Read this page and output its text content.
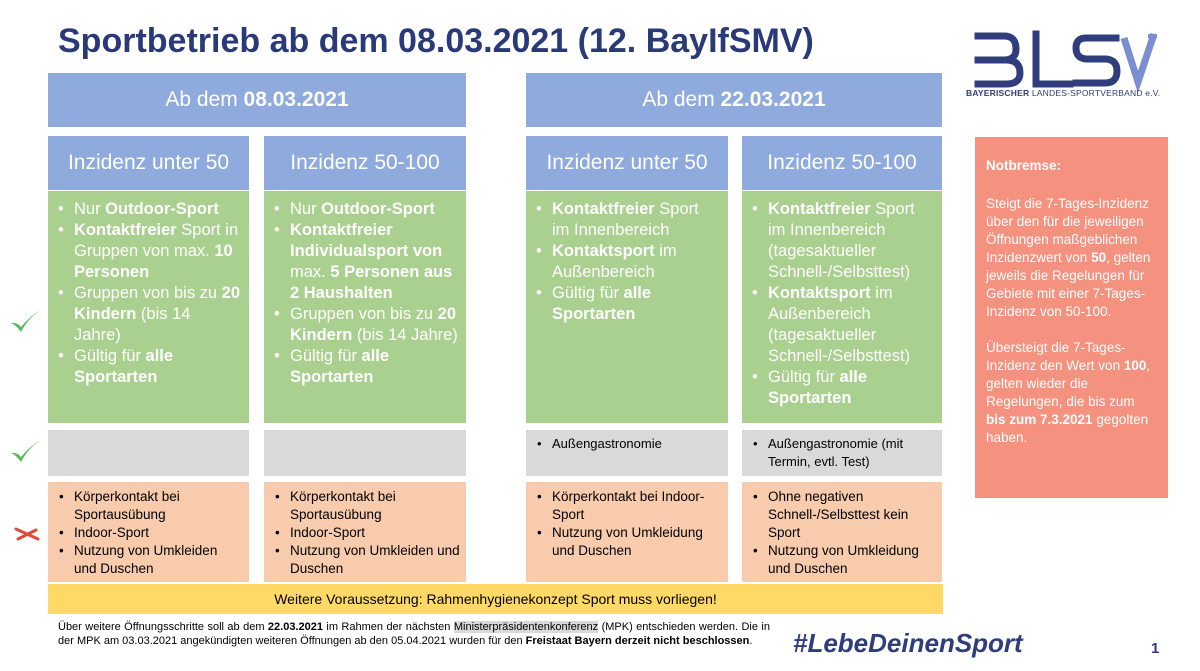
Sportbetrieb ab dem 08.03.2021 (12. BayIfSMV)
BAYERISCHER LANDES-SPORTVERBAND e.V.
Ab dem 08.03.2021	Ab dem 22.03.2021
Inzidenz unter 50	Inzidenz 50-100	Inzidenz unter 50	Inzidenz 50-100
• Nur Outdoor-Sport
• Kontaktfreier Sport in Gruppen von max. 10 Personen
• Gruppen von bis zu 20 Kindern (bis 14 Jahre)
• Gültig für alle Sportarten
• Nur Outdoor-Sport
• Kontaktfreier Individualsport von max. 5 Personen aus 2 Haushalten
• Gruppen von bis zu 20 Kindern (bis 14 Jahre)
• Gültig für alle Sportarten
• Kontaktfreier Sport im Innenbereich
• Kontaktsport im Außenbereich
• Gültig für alle Sportarten
• Kontaktfreier Sport im Innenbereich (tagesaktueller Schnell-/Selbsttest)
• Kontaktsport im Außenbereich (tagesaktueller Schnell-/Selbsttest)
• Gültig für alle Sportarten
• Außengastronomie
•	Außengastronomie (mit Termin, evtl. Test)
• Körperkontakt bei Sportausübung
• Indoor-Sport
• Nutzung von Umkleiden und Duschen
• Körperkontakt bei Sportausübung
• Indoor-Sport
• Nutzung von Umkleiden und Duschen
• Körperkontakt bei Indoor-Sport
• Nutzung von Umkleidung und Duschen
• Ohne negativen Schnell-/Selbsttest kein Sport
• Nutzung von Umkleidung und Duschen
Notbremse:

Steigt die 7-Tages-Inzidenz über den für die jeweiligen Öffnungen maßgeblichen Inzidenzwert von 50, gelten jeweils die Regelungen für Gebiete mit einer 7-Tages-Inzidenz von 50-100.

Übersteigt die 7-Tages-Inzidenz den Wert von 100, gelten wieder die Regelungen, die bis zum bis zum 7.3.2021 gegolten haben.

Weitere Voraussetzung: Rahmenhygienekonzept Sport muss vorliegen!
Über weitere Öffnungsschritte soll ab dem 22.03.2021 im Rahmen der nächsten Ministerpräsidentenkonferenz (MPK) entschieden werden. Die in der MPK am 03.03.2021 angekündigten weiteren Öffnungen ab den 05.04.2021 wurden für den Freistaat Bayern derzeit nicht beschlossen.	#LebeDeinenSport	1
